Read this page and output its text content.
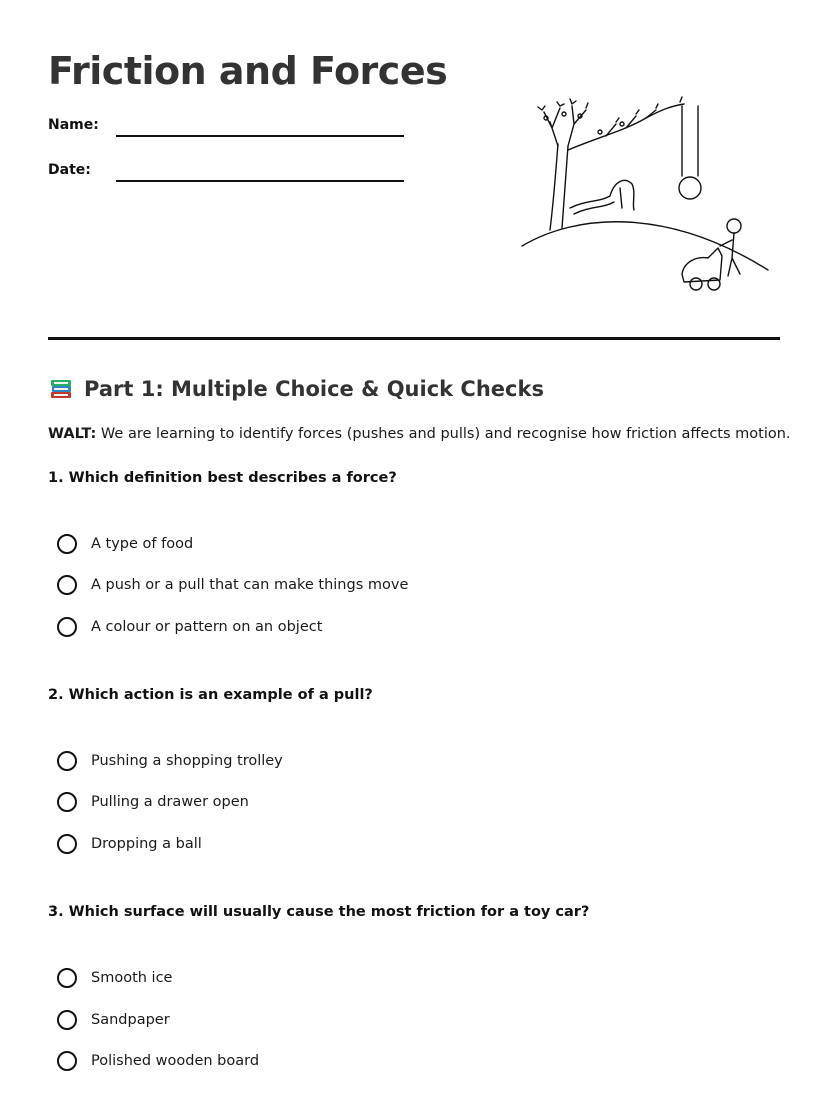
Friction and Forces
Name:
Date:
Part 1: Multiple Choice & Quick Checks
WALT: We are learning to identify forces (pushes and pulls) and recognise how friction affects motion.
1. Which definition best describes a force?
A type of food
A push or a pull that can make things move
A colour or pattern on an object
2. Which action is an example of a pull?
Pushing a shopping trolley
Pulling a drawer open
Dropping a ball
3. Which surface will usually cause the most friction for a toy car?
Smooth ice
Sandpaper
Polished wooden board
